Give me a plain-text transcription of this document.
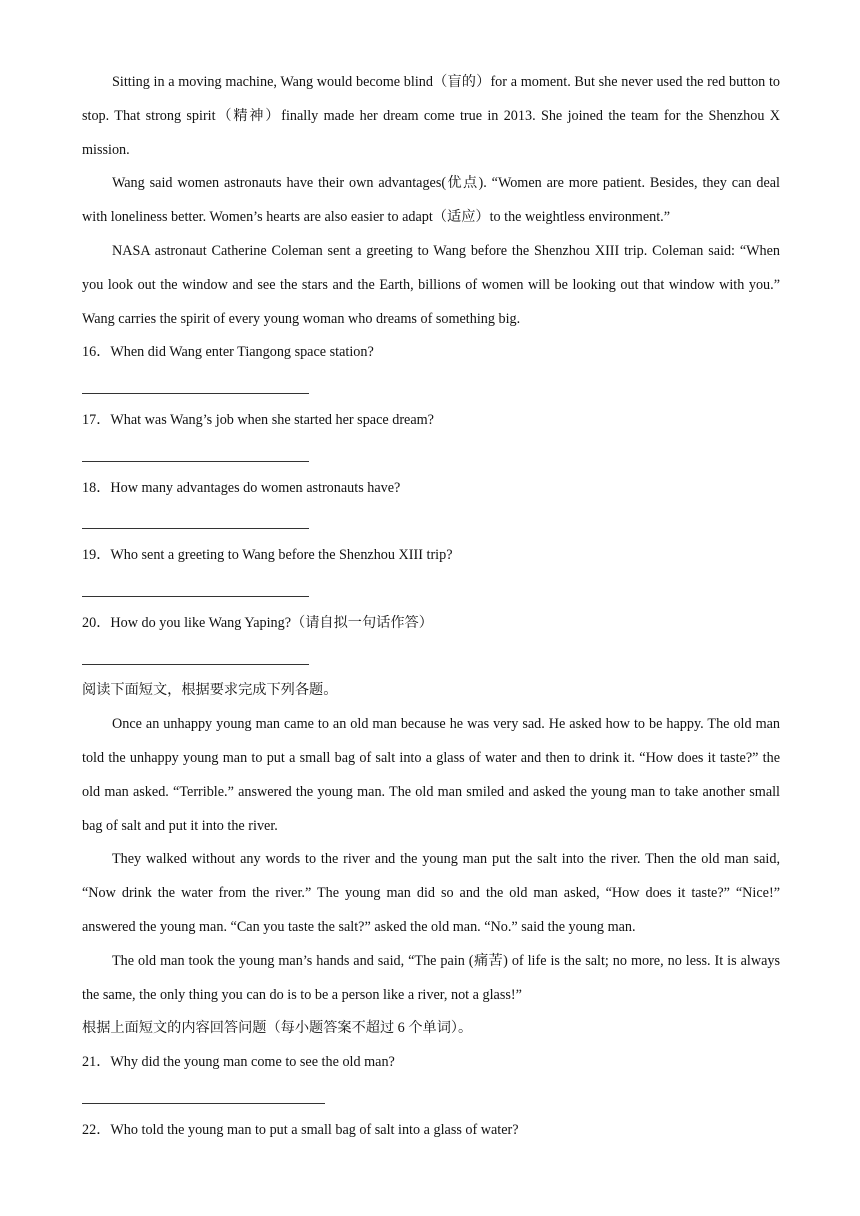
Sitting in a moving machine, Wang would become blind（盲的）for a moment. But she never used the red button to stop. That strong spirit（精神）finally made her dream come true in 2013. She joined the team for the Shenzhou X mission.

Wang said women astronauts have their own advantages(优点). “Women are more patient. Besides, they can deal with loneliness better. Women’s hearts are also easier to adapt（适应）to the weightless environment.”

NASA astronaut Catherine Coleman sent a greeting to Wang before the Shenzhou XIII trip. Coleman said: “When you look out the window and see the stars and the Earth, billions of women will be looking out that window with you.” Wang carries the spirit of every young woman who dreams of something big.

16．When did Wang enter Tiangong space station?
17．What was Wang’s job when she started her space dream?
18．How many advantages do women astronauts have?
19．Who sent a greeting to Wang before the Shenzhou XIII trip?
20．How do you like Wang Yaping?（请自拟一句话作答）
阅读下面短文，根据要求完成下列各题。

Once an unhappy young man came to an old man because he was very sad. He asked how to be happy. The old man told the unhappy young man to put a small bag of salt into a glass of water and then to drink it. “How does it taste?” the old man asked. “Terrible.” answered the young man. The old man smiled and asked the young man to take another small bag of salt and put it into the river.

They walked without any words to the river and the young man put the salt into the river. Then the old man said, “Now drink the water from the river.” The young man did so and the old man asked, “How does it taste?” “Nice!” answered the young man. “Can you taste the salt?” asked the old man. “No.” said the young man.

The old man took the young man’s hands and said, “The pain (痛苦) of life is the salt; no more, no less. It is always the same, the only thing you can do is to be a person like a river, not a glass!”

根据上面短文的内容回答问题（每小题答案不超过 6 个单词）。
21．Why did the young man come to see the old man?
22．Who told the young man to put a small bag of salt into a glass of water?
